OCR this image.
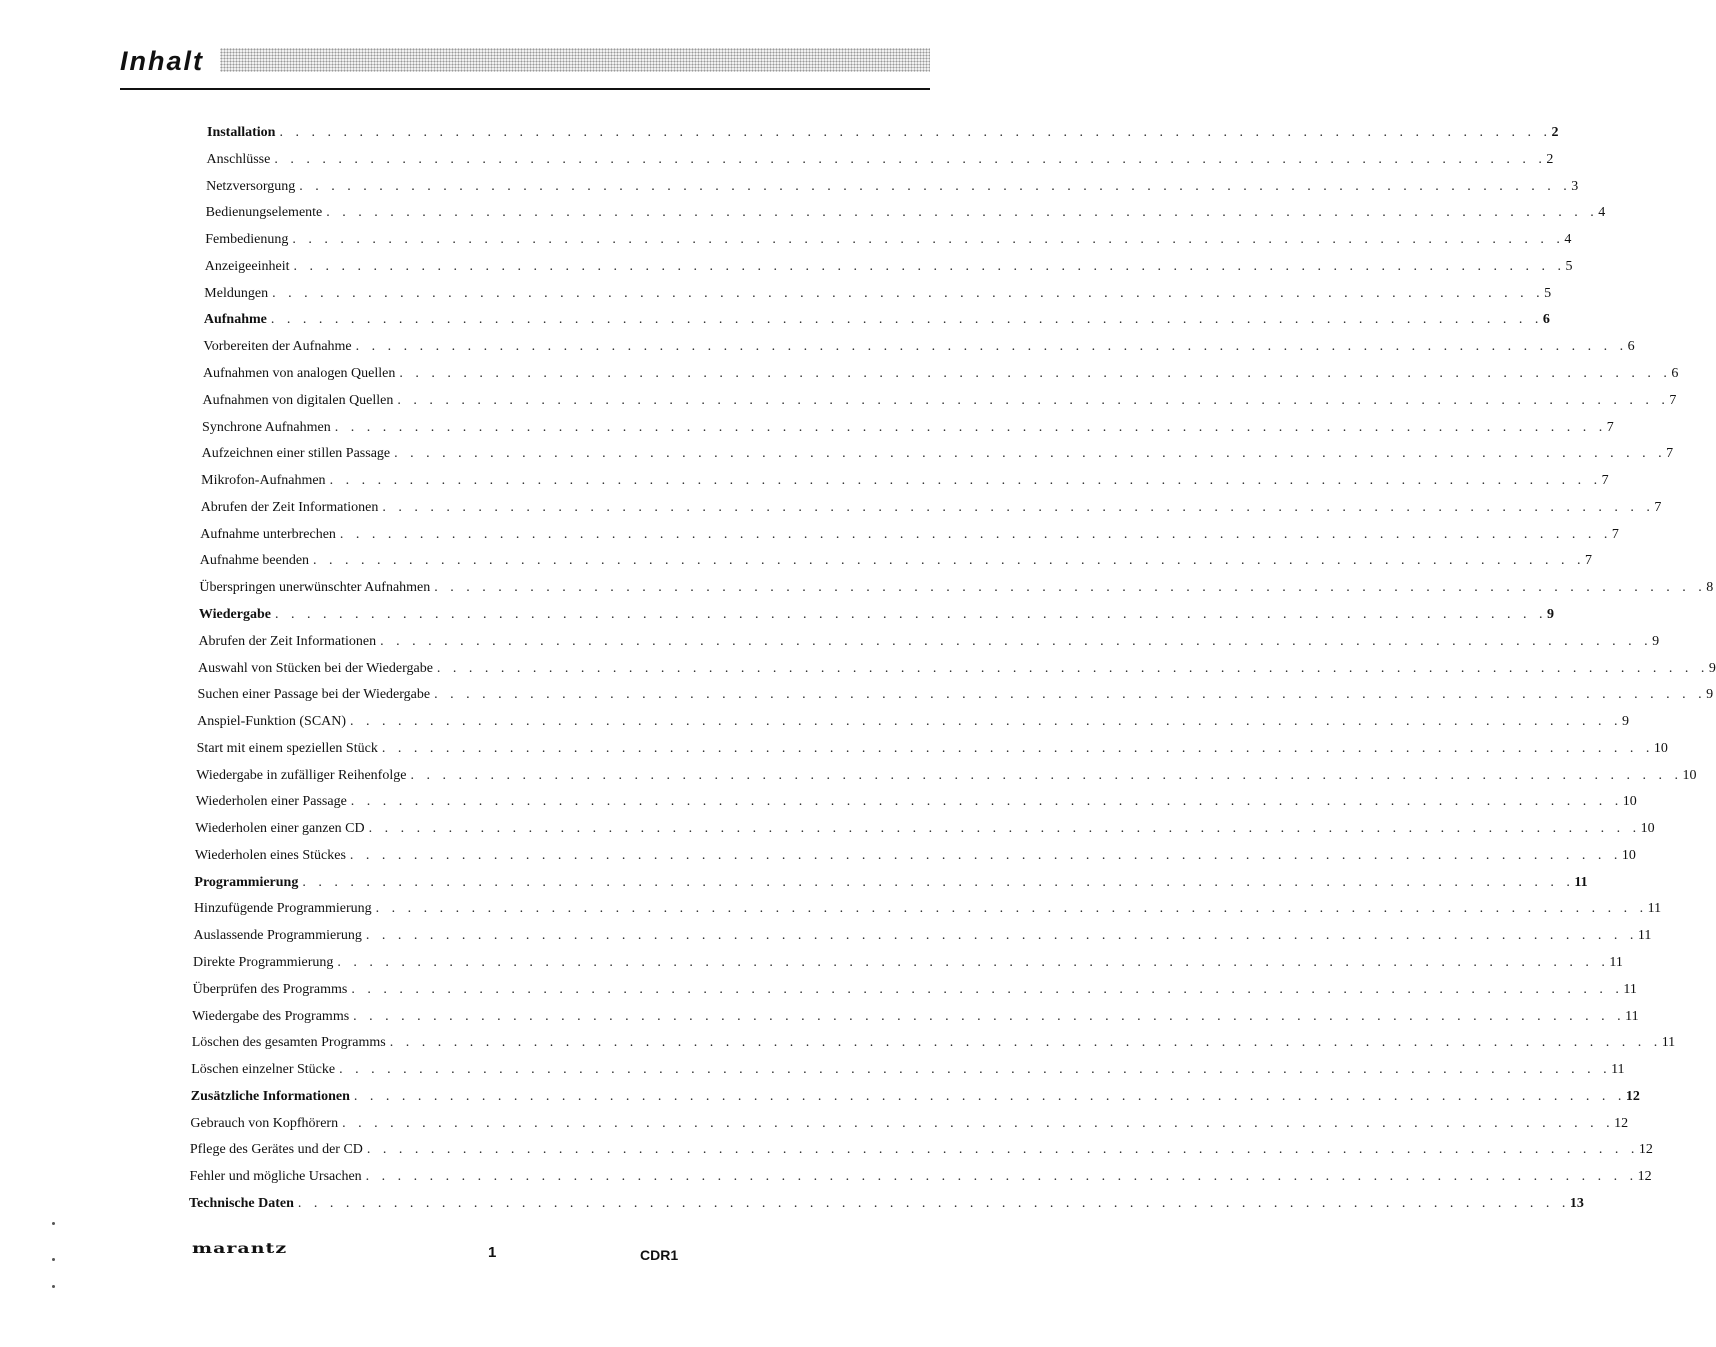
Inhalt
Installation . . . . . . . . . . . . . . . . . . . . . . . . . . . . . . . . . . . . . . . . . . . . . . . . . . . . . . . . . . . . . . . . . . . . . . . . . . . . . . . . 2
Anschlüsse . . . . . . . . . . . . . . . . . . . . . . . . . . . . . . . . . . . . . . . . . . . . . . . . . . . . . . . . . . . . . . . . . . . . . . . . . . . . . . . . 2
Netzversorgung . . . . . . . . . . . . . . . . . . . . . . . . . . . . . . . . . . . . . . . . . . . . . . . . . . . . . . . . . . . . . . . . . . . . . . . . . . . . . . . . 3
Bedienungselemente . . . . . . . . . . . . . . . . . . . . . . . . . . . . . . . . . . . . . . . . . . . . . . . . . . . . . . . . . . . . . . . . . . . . . . . . . . . . . . . . 4
Fembedienung . . . . . . . . . . . . . . . . . . . . . . . . . . . . . . . . . . . . . . . . . . . . . . . . . . . . . . . . . . . . . . . . . . . . . . . . . . . . . . . . 4
Anzeigeeinheit . . . . . . . . . . . . . . . . . . . . . . . . . . . . . . . . . . . . . . . . . . . . . . . . . . . . . . . . . . . . . . . . . . . . . . . . . . . . . . . . 5
Meldungen . . . . . . . . . . . . . . . . . . . . . . . . . . . . . . . . . . . . . . . . . . . . . . . . . . . . . . . . . . . . . . . . . . . . . . . . . . . . . . . . 5
Aufnahme . . . . . . . . . . . . . . . . . . . . . . . . . . . . . . . . . . . . . . . . . . . . . . . . . . . . . . . . . . . . . . . . . . . . . . . . . . . . . . . . 6
Vorbereiten der Aufnahme . . . . . . . . . . . . . . . . . . . . . . . . . . . . . . . . . . . . . . . . . . . . . . . . . . . . . . . . . . . . . . . . . . . . . . . . . . . . . . . . 6
Aufnahmen von analogen Quellen . . . . . . . . . . . . . . . . . . . . . . . . . . . . . . . . . . . . . . . . . . . . . . . . . . . . . . . . . . . . . . . . . . . . . . . . . . . . . . . . 6
Aufnahmen von digitalen Quellen . . . . . . . . . . . . . . . . . . . . . . . . . . . . . . . . . . . . . . . . . . . . . . . . . . . . . . . . . . . . . . . . . . . . . . . . . . . . . . . . 7
Synchrone Aufnahmen . . . . . . . . . . . . . . . . . . . . . . . . . . . . . . . . . . . . . . . . . . . . . . . . . . . . . . . . . . . . . . . . . . . . . . . . . . . . . . . . 7
Aufzeichnen einer stillen Passage . . . . . . . . . . . . . . . . . . . . . . . . . . . . . . . . . . . . . . . . . . . . . . . . . . . . . . . . . . . . . . . . . . . . . . . . . . . . . . . . 7
Mikrofon-Aufnahmen . . . . . . . . . . . . . . . . . . . . . . . . . . . . . . . . . . . . . . . . . . . . . . . . . . . . . . . . . . . . . . . . . . . . . . . . . . . . . . . . 7
Abrufen der Zeit Informationen . . . . . . . . . . . . . . . . . . . . . . . . . . . . . . . . . . . . . . . . . . . . . . . . . . . . . . . . . . . . . . . . . . . . . . . . . . . . . . . . 7
Aufnahme unterbrechen . . . . . . . . . . . . . . . . . . . . . . . . . . . . . . . . . . . . . . . . . . . . . . . . . . . . . . . . . . . . . . . . . . . . . . . . . . . . . . . . 7
Aufnahme beenden . . . . . . . . . . . . . . . . . . . . . . . . . . . . . . . . . . . . . . . . . . . . . . . . . . . . . . . . . . . . . . . . . . . . . . . . . . . . . . . . 7
Überspringen unerwünschter Aufnahmen . . . . . . . . . . . . . . . . . . . . . . . . . . . . . . . . . . . . . . . . . . . . . . . . . . . . . . . . . . . . . . . . . . . . . . . . . . . . . . . . 8
Wiedergabe . . . . . . . . . . . . . . . . . . . . . . . . . . . . . . . . . . . . . . . . . . . . . . . . . . . . . . . . . . . . . . . . . . . . . . . . . . . . . . . . 9
Abrufen der Zeit Informationen . . . . . . . . . . . . . . . . . . . . . . . . . . . . . . . . . . . . . . . . . . . . . . . . . . . . . . . . . . . . . . . . . . . . . . . . . . . . . . . . 9
Auswahl von Stücken bei der Wiedergabe . . . . . . . . . . . . . . . . . . . . . . . . . . . . . . . . . . . . . . . . . . . . . . . . . . . . . . . . . . . . . . . . . . . . . . . . . . . . . . . . 9
Suchen einer Passage bei der Wiedergabe . . . . . . . . . . . . . . . . . . . . . . . . . . . . . . . . . . . . . . . . . . . . . . . . . . . . . . . . . . . . . . . . . . . . . . . . . . . . . . . . 9
Anspiel-Funktion (SCAN) . . . . . . . . . . . . . . . . . . . . . . . . . . . . . . . . . . . . . . . . . . . . . . . . . . . . . . . . . . . . . . . . . . . . . . . . . . . . . . . . 9
Start mit einem speziellen Stück . . . . . . . . . . . . . . . . . . . . . . . . . . . . . . . . . . . . . . . . . . . . . . . . . . . . . . . . . . . . . . . . . . . . . . . . . . . . . . . . 10
Wiedergabe in zufälliger Reihenfolge . . . . . . . . . . . . . . . . . . . . . . . . . . . . . . . . . . . . . . . . . . . . . . . . . . . . . . . . . . . . . . . . . . . . . . . . . . . . . . . . 10
Wiederholen einer Passage . . . . . . . . . . . . . . . . . . . . . . . . . . . . . . . . . . . . . . . . . . . . . . . . . . . . . . . . . . . . . . . . . . . . . . . . . . . . . . . . 10
Wiederholen einer ganzen CD . . . . . . . . . . . . . . . . . . . . . . . . . . . . . . . . . . . . . . . . . . . . . . . . . . . . . . . . . . . . . . . . . . . . . . . . . . . . . . . . 10
Wiederholen eines Stückes . . . . . . . . . . . . . . . . . . . . . . . . . . . . . . . . . . . . . . . . . . . . . . . . . . . . . . . . . . . . . . . . . . . . . . . . . . . . . . . . 10
Programmierung . . . . . . . . . . . . . . . . . . . . . . . . . . . . . . . . . . . . . . . . . . . . . . . . . . . . . . . . . . . . . . . . . . . . . . . . . . . . . . . . 11
Hinzufügende Programmierung . . . . . . . . . . . . . . . . . . . . . . . . . . . . . . . . . . . . . . . . . . . . . . . . . . . . . . . . . . . . . . . . . . . . . . . . . . . . . . . . 11
Auslassende Programmierung . . . . . . . . . . . . . . . . . . . . . . . . . . . . . . . . . . . . . . . . . . . . . . . . . . . . . . . . . . . . . . . . . . . . . . . . . . . . . . . . 11
Direkte Programmierung . . . . . . . . . . . . . . . . . . . . . . . . . . . . . . . . . . . . . . . . . . . . . . . . . . . . . . . . . . . . . . . . . . . . . . . . . . . . . . . . 11
Überprüfen des Programms . . . . . . . . . . . . . . . . . . . . . . . . . . . . . . . . . . . . . . . . . . . . . . . . . . . . . . . . . . . . . . . . . . . . . . . . . . . . . . . . 11
Wiedergabe des Programms . . . . . . . . . . . . . . . . . . . . . . . . . . . . . . . . . . . . . . . . . . . . . . . . . . . . . . . . . . . . . . . . . . . . . . . . . . . . . . . . 11
Löschen des gesamten Programms . . . . . . . . . . . . . . . . . . . . . . . . . . . . . . . . . . . . . . . . . . . . . . . . . . . . . . . . . . . . . . . . . . . . . . . . . . . . . . . . 11
Löschen einzelner Stücke . . . . . . . . . . . . . . . . . . . . . . . . . . . . . . . . . . . . . . . . . . . . . . . . . . . . . . . . . . . . . . . . . . . . . . . . . . . . . . . . 11
Zusätzliche Informationen . . . . . . . . . . . . . . . . . . . . . . . . . . . . . . . . . . . . . . . . . . . . . . . . . . . . . . . . . . . . . . . . . . . . . . . . . . . . . . . . 12
Gebrauch von Kopfhörern . . . . . . . . . . . . . . . . . . . . . . . . . . . . . . . . . . . . . . . . . . . . . . . . . . . . . . . . . . . . . . . . . . . . . . . . . . . . . . . . 12
Pflege des Gerätes und der CD . . . . . . . . . . . . . . . . . . . . . . . . . . . . . . . . . . . . . . . . . . . . . . . . . . . . . . . . . . . . . . . . . . . . . . . . . . . . . . . . 12
Fehler und mögliche Ursachen . . . . . . . . . . . . . . . . . . . . . . . . . . . . . . . . . . . . . . . . . . . . . . . . . . . . . . . . . . . . . . . . . . . . . . . . . . . . . . . . 12
Technische Daten . . . . . . . . . . . . . . . . . . . . . . . . . . . . . . . . . . . . . . . . . . . . . . . . . . . . . . . . . . . . . . . . . . . . . . . . . . . . . . . . 13
marantz	1	CDR1
